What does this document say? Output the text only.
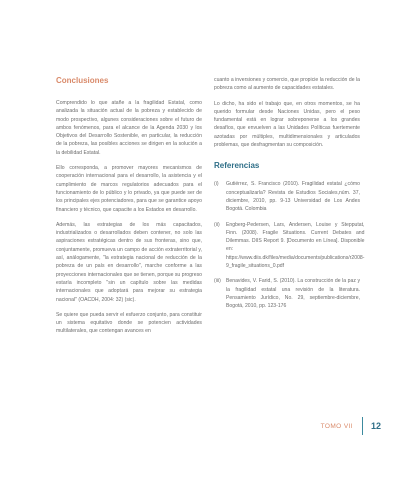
Conclusiones

Comprendido lo que atañe a la fragilidad Estatal, como analizada la situación actual de la pobreza y establecido de modo prospectivo, algunes consideraciones sobre el futuro de ambos fenómenos, para el alcance de la Agenda 2030 y los Objetivos del Desarrollo Sostenible, en particular, la reducción de la pobreza, las posibles acciones se dirigen en la solución a la debilidad Estatal.

Ello corresponda, a promover mayores mecanismos de cooperación internacional para el desarrollo, la asistencia y el cumplimiento de marcos regulatorios adecuados para el funcionamiento de lo público y lo privado, ya que puede ser de los principales ejes potenciadores, para que se garantice apoyo financiero y técnico, que capacite a los Estados en desarrollo.

Además, las estrategias de los más capacitados, industrializados o desarrollados deben contener, no solo las aspiraciones estratégicas dentro de sus fronteras, sino que, conjuntamente, promueva un campo de acción extraterritorial y, así, análogamente, "la estrategia nacional de reducción de la pobreza de un país en desarrollo", marche conforme a las proyecciones internacionales que se tienen, porque su progreso estaría incompleto "sin un capítulo sobre las medidas internacionales que adoptará para mejorar su estrategia nacional" (OACDH, 2004: 32) (sic).

Se quiere que pueda servir el esfuerzo conjunto, para constituir un sistema equitativo donde se potencien actividades multilaterales, que contengan avances en

cuanto a inversiones y comercio, que propicie la reducción de la pobreza como al aumento de capacidades estatales.

Lo dicho, ha sido el trabajo que, en otros momentos, se ha querido formular desde Naciones Unidas, pero el peso fundamental está en lograr sobreponerse a los grandes desafíos, que envuelven a las Unidades Políticas fuertemente azotadas por múltiples, multidimensionales y articulados problemas, que desfragmentan su composición.

Referencias
(i)	Gutiérrez, S. Francisco (2010). Fragilidad estatal ¿cómo conceptualizarla? Revista de Estudios Sociales,núm. 37, diciembre, 2010, pp. 9-13 Universidad de Los Andes Bogotá. Colombia
(ii)	Engberg-Pedersen, Lars, Andersen, Louise y Stepputat, Finn. (2008). Fragile Situations. Current Debates and Dilemmas. DIIS Report 9. [Documento en Línea]. Disponible en: https://www.diis.dk/files/media/documents/publications/r2008-9_fragile_situations_0.pdf
(iii)	Benavides, V. Farid, S. (2010). La construcción de la paz y la fragilidad estatal una revisión de la literatura. Pensamiento Jurídico, No. 29, septiembre-diciembre, Bogotá, 2010, pp. 123-176
TOMO VII 12
